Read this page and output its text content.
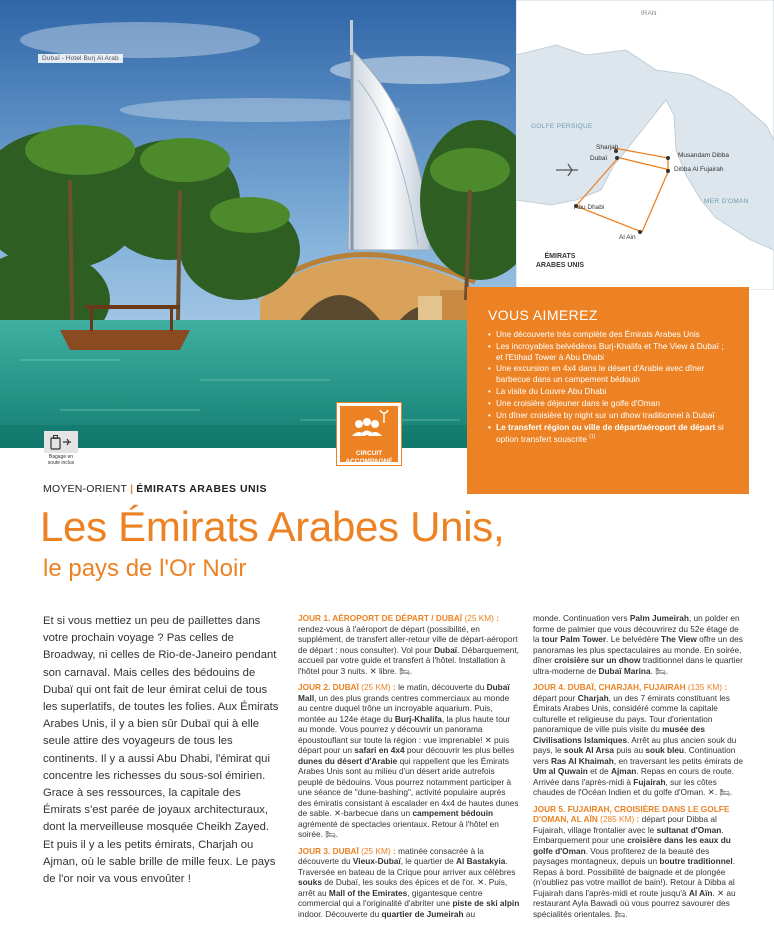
Dubaï - Hotel Burj Al Arab
IRAN
GOLFE PERSIQUE
Sharjah
Dubaï	Musandam Dibba
Dibba Al Fujairah
MER D'OMAN
Abu Dhabi
Al Ain
ÉMIRATS
ARABES UNIS
VOUS AIMEREZ
• Une découverte très complète des Émirats Arabes Unis
• Les incroyables belvédères Burj-Khalifa et The View à Dubaï ; et l'Etihad Tower à Abu Dhabi
• Une excursion en 4x4 dans le désert d'Arabie avec dîner barbecue dans un campement bédouin
• La visite du Louvre Abu Dhabi
• Une croisière déjeuner dans le golfe d'Oman
• Un dîner croisière by night sur un dhow traditionnel à Dubaï
• Le transfert région ou ville de départ/aéroport de départ si option transfert souscrite $^{(1)}$
Bagage en
soute inclus
CIRCUIT
ACCOMPAGNÉ
MOYEN-ORIENT | ÉMIRATS ARABES UNIS
Les Émirats Arabes Unis,
le pays de l'Or Noir

Et si vous mettiez un peu de paillettes dans votre prochain voyage ? Pas celles de Broadway, ni celles de Rio-de-Janeiro pendant son carnaval. Mais celles des bédouins de Dubaï qui ont fait de leur émirat celui de tous les superlatifs, de toutes les folies. Aux Émirats Arabes Unis, il y a bien sûr Dubaï qui à elle seule attire des voyageurs de tous les continents. Il y a aussi Abu Dhabi, l'émirat qui concentre les richesses du sous-sol émirien. Grace à ses ressources, la capitale des Émirats s'est parée de joyaux architecturaux, dont la merveilleuse mosquée Cheikh Zayed. Et puis il y a les petits émirats, Charjah ou Ajman, où le sable brille de mille feux. Le pays de l'or noir va vous envoûter !

JOUR 1. AÉROPORT DE DÉPART / DUBAÏ (25 KM) : rendez-vous à l'aéroport de départ (possibilité, en supplément, de transfert aller-retour ville de départ-aéroport de départ : nous consulter). Vol pour Dubaï. Débarquement, accueil par votre guide et transfert à l'hôtel. Installation à l'hôtel pour 3 nuits. ✕ libre. 🛏.

JOUR 2. DUBAÏ (25 KM) : le matin, découverte du Dubaï Mall, un des plus grands centres commerciaux au monde au centre duquel trône un incroyable aquarium. Puis, montée au 124e étage du Burj-Khalifa, la plus haute tour au monde. Vous pourrez y découvrir un panorama époustouflant sur toute la région : vue imprenable! ✕ puis départ pour un safari en 4x4 pour découvrir les plus belles dunes du désert d'Arabie qui rappellent que les Émirats Arabes Unis sont au milieu d'un désert aride autrefois peuplé de bédouins. Vous pourrez notamment participer à une séance de "dune-bashing", activité populaire auprès des émiratis consistant à escalader en 4x4 de hautes dunes de sable. ✕-barbecue dans un campement bédouin agrémenté de spectacles orientaux. Retour à l'hôtel en soirée. 🛏.

JOUR 3. DUBAÏ (25 KM) : matinée consacrée à la découverte du Vieux-Dubaï, le quartier de Al Bastakyia. Traversée en bateau de la Crique pour arriver aux célèbres souks de Dubaï, les souks des épices et de l'or. ✕. Puis, arrêt au Mall of the Emirates, gigantesque centre commercial qui a l'originalité d'abriter une piste de ski alpin indoor. Découverte du quartier de Jumeirah au

monde. Continuation vers Palm Jumeirah, un polder en forme de palmier que vous découvrirez du 52e étage de la tour Palm Tower. Le belvédère The View offre un des panoramas les plus spectaculaires au monde. En soirée, dîner croisière sur un dhow traditionnel dans le quartier ultra-moderne de Dubaï Marina. 🛏.

JOUR 4. DUBAÏ, CHARJAH, FUJAIRAH (135 KM) : départ pour Charjah, un des 7 émirats constituant les Émirats Arabes Unis, considéré comme la capitale culturelle et religieuse du pays. Tour d'orientation panoramique de ville puis visite du musée des Civilisations Islamiques. Arrêt au plus ancien souk du pays, le souk Al Arsa puis au souk bleu. Continuation vers Ras Al Khaimah, en traversant les petits émirats de Um al Quwain et de Ajman. Repas en cours de route. Arrivée dans l'après-midi à Fujairah, sur les côtes chaudes de l'Océan Indien et du golfe d'Oman. ✕. 🛏.

JOUR 5. FUJAIRAH, CROISIÈRE DANS LE GOLFE D'OMAN, AL AÏN (285 KM) : départ pour Dibba al Fujairah, village frontalier avec le sultanat d'Oman. Embarquement pour une croisière dans les eaux du golfe d'Oman. Vous profiterez de la beauté des paysages montagneux, depuis un boutre traditionnel. Repas à bord. Possibilité de baignade et de plongée (n'oubliez pas votre maillot de bain!). Retour à Dibba al Fujairah dans l'après-midi et route jusqu'à Al Aïn. ✕ au restaurant Ayla Bawadi où vous pourrez savourer des spécialités orientales. 🛏.
